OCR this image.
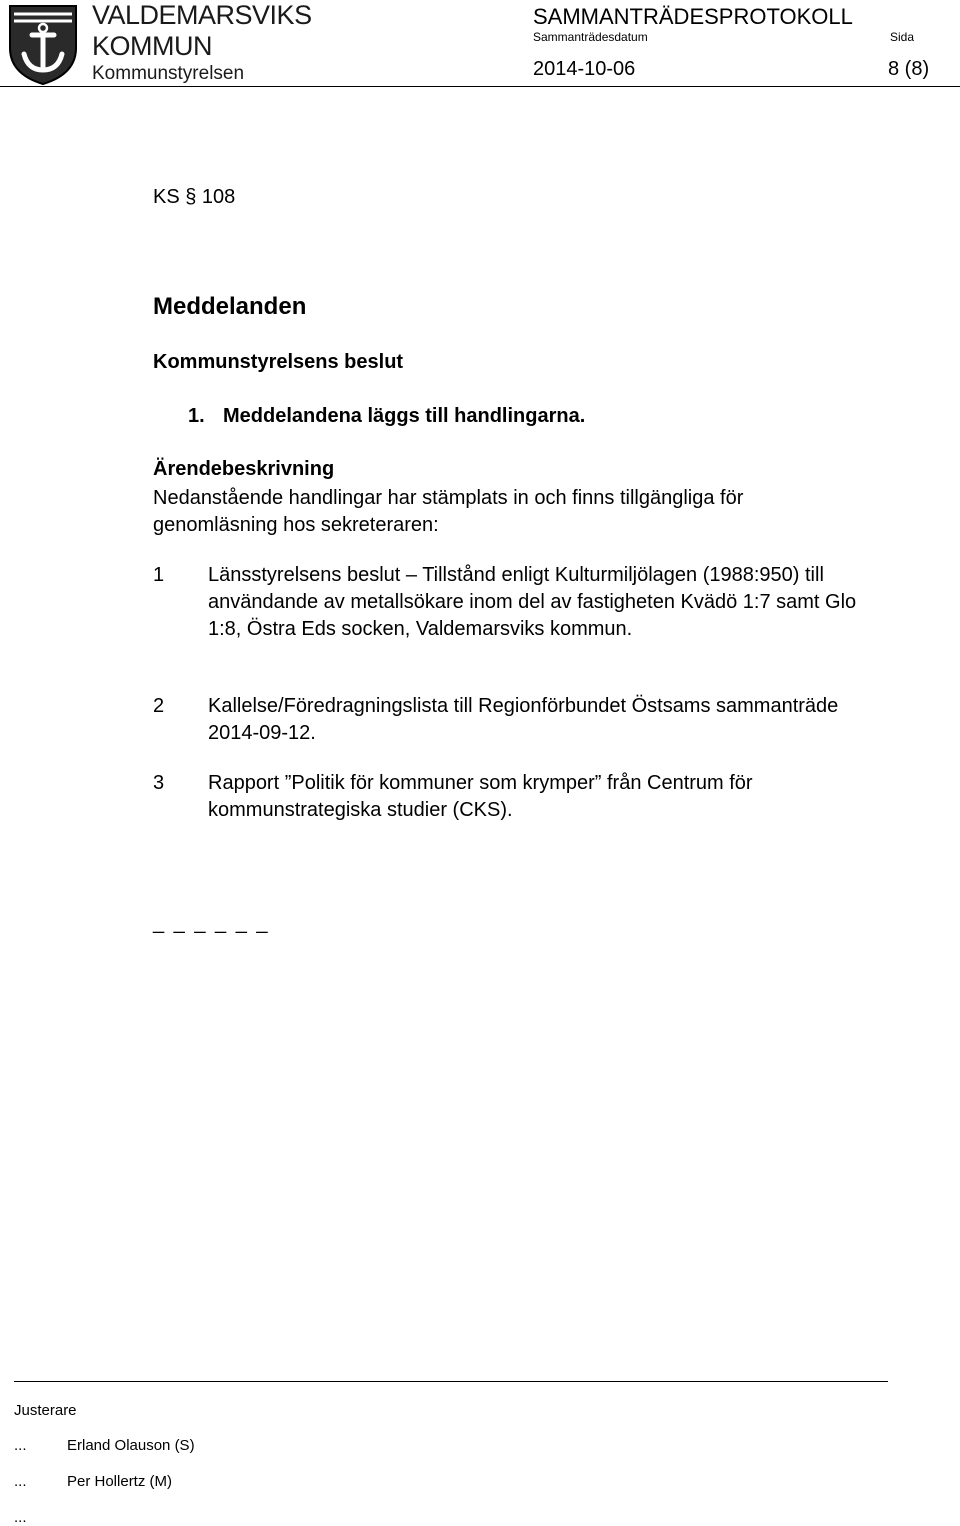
VALDEMARSVIKS
KOMMUN
Kommunstyrelsen
SAMMANTRÄDESPROTOKOLL
Sammanträdesdatum	Sida
2014-10-06	8 (8)
KS § 108
Meddelanden
Kommunstyrelsens beslut
1. Meddelandena läggs till handlingarna.
Ärendebeskrivning
Nedanstående handlingar har stämplats in och finns tillgängliga för genomläsning hos sekreteraren:
1	Länsstyrelsens beslut – Tillstånd enligt Kulturmiljölagen (1988:950) till användande av metallsökare inom del av fastigheten Kvädö 1:7 samt Glo 1:8, Östra Eds socken, Valdemarsviks kommun.
2	Kallelse/Föredragningslista till Regionförbundet Östsams sammanträde 2014-09-12.
3	Rapport ”Politik för kommuner som krymper” från Centrum för kommunstrategiska studier (CKS).
_ _ _ _ _ _
Justerare
...	Erland Olauson (S)
...	Per Hollertz (M)
...
